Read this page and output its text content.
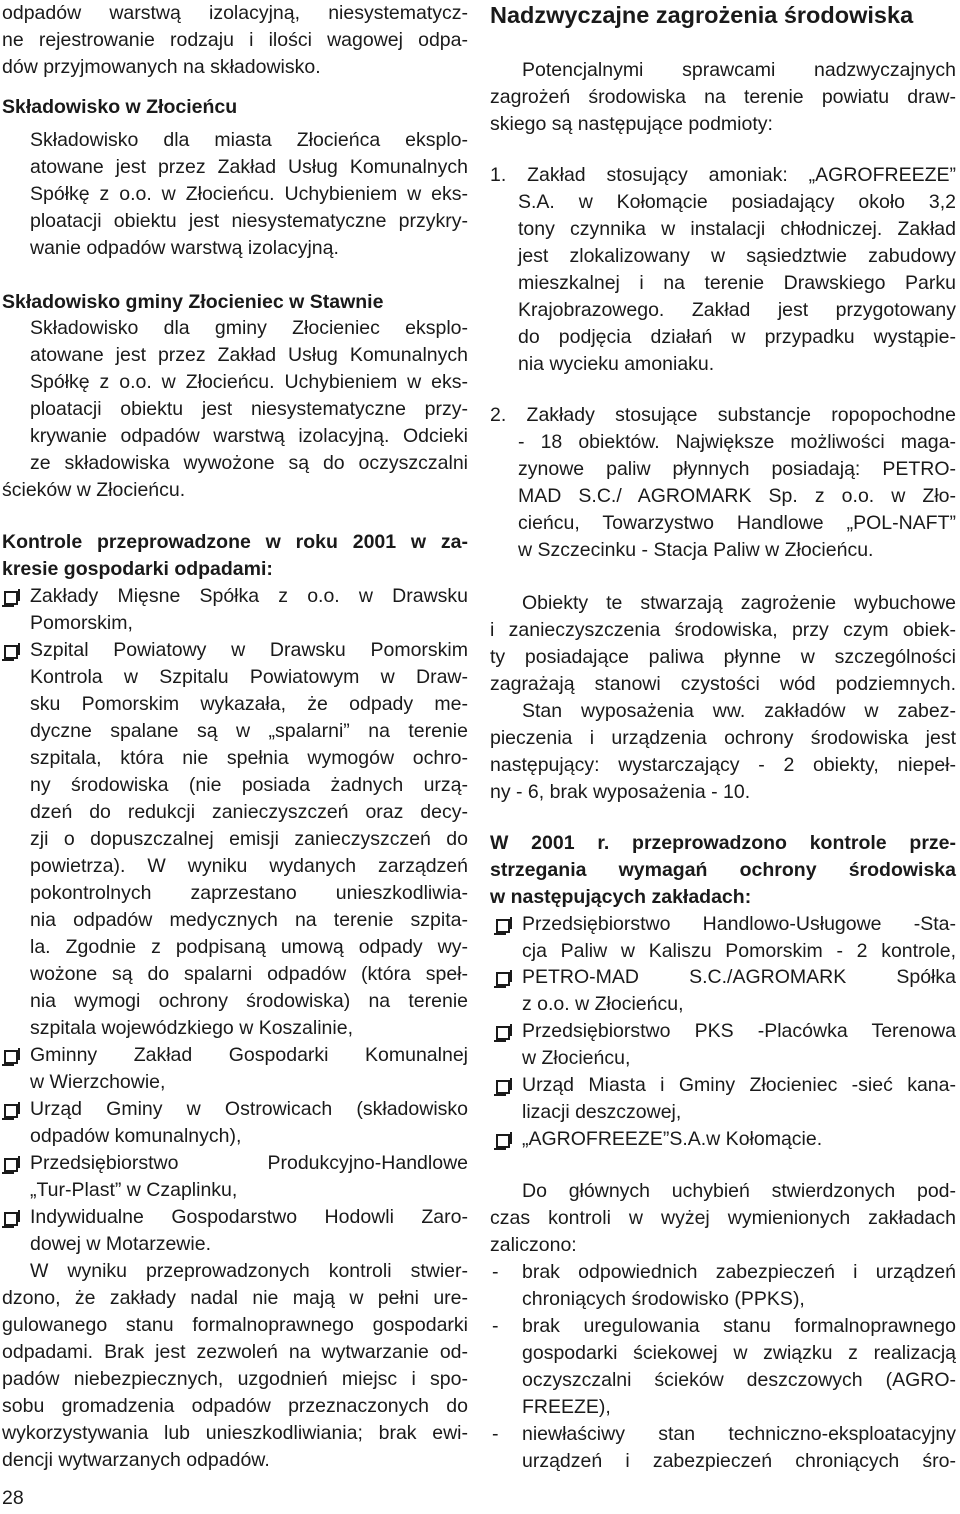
odpadów warstwą izolacyjną, niesystematycz-
ne rejestrowanie rodzaju i ilości wagowej odpa-
dów przyjmowanych na składowisko.
Składowisko w Złocieńcu
Składowisko dla miasta Złocieńca eksplo-
atowane jest przez Zakład Usług Komunalnych
Spółkę z o.o. w Złocieńcu. Uchybieniem w eks-
ploatacji obiektu jest niesystematyczne przykry-
wanie odpadów warstwą izolacyjną.
Składowisko gminy Złocieniec w Stawnie
Składowisko dla gminy Złocieniec eksplo-
atowane jest przez Zakład Usług Komunalnych
Spółkę z o.o. w Złocieńcu. Uchybieniem w eks-
ploatacji obiektu jest niesystematyczne przy-
krywanie odpadów warstwą izolacyjną. Odcieki
ze składowiska wywożone są do oczyszczalni
ścieków w Złocieńcu.
Kontrole przeprowadzone w roku 2001 w za-
kresie gospodarki odpadami:
Zakłady Mięsne Spółka z o.o. w Drawsku
Pomorskim,
Szpital Powiatowy w Drawsku Pomorskim
Kontrola w Szpitalu Powiatowym w Draw-
sku Pomorskim wykazała, że odpady me-
dyczne spalane są w „spalarni” na terenie
szpitala, która nie spełnia wymogów ochro-
ny środowiska (nie posiada żadnych urzą-
dzeń do redukcji zanieczyszczeń oraz decy-
zji o dopuszczalnej emisji zanieczyszczeń do
powietrza). W wyniku wydanych zarządzeń
pokontrolnych zaprzestano unieszkodliwia-
nia odpadów medycznych na terenie szpita-
la. Zgodnie z podpisaną umową odpady wy-
wożone są do spalarni odpadów (która speł-
nia wymogi ochrony środowiska) na terenie
szpitala wojewódzkiego w Koszalinie,
Gminny Zakład Gospodarki Komunalnej
w Wierzchowie,
Urząd Gminy w Ostrowicach (składowisko
odpadów komunalnych),
Przedsiębiorstwo Produkcyjno-Handlowe
„Tur-Plast” w Czaplinku,
Indywidualne Gospodarstwo Hodowli Zaro-
dowej w Motarzewie.
W wyniku przeprowadzonych kontroli stwier-
dzono, że zakłady nadal nie mają w pełni ure-
gulowanego stanu formalnoprawnego gospodarki
odpadami. Brak jest zezwoleń na wytwarzanie od-
padów niebezpiecznych, uzgodnień miejsc i spo-
sobu gromadzenia odpadów przeznaczonych do
wykorzystywania lub unieszkodliwiania; brak ewi-
dencji wytwarzanych odpadów.
Nadzwyczajne zagrożenia środowiska
Potencjalnymi sprawcami nadzwyczajnych
zagrożeń środowiska na terenie powiatu draw-
skiego są następujące podmioty:
1. Zakład stosujący amoniak: „AGROFREEZE”
S.A. w Kołomącie posiadający około 3,2
tony czynnika w instalacji chłodniczej. Zakład
jest zlokalizowany w sąsiedztwie zabudowy
mieszkalnej i na terenie Drawskiego Parku
Krajobrazowego. Zakład jest przygotowany
do podjęcia działań w przypadku wystąpie-
nia wycieku amoniaku.
2. Zakłady stosujące substancje ropopochodne
- 18 obiektów. Największe możliwości maga-
zynowe paliw płynnych posiadają: PETRO-
MAD S.C./ AGROMARK Sp. z o.o. w Zło-
cieńcu, Towarzystwo Handlowe „POL-NAFT”
w Szczecinku - Stacja Paliw w Złocieńcu.
Obiekty te stwarzają zagrożenie wybuchowe
i zanieczyszczenia środowiska, przy czym obiek-
ty posiadające paliwa płynne w szczególności
zagrażają stanowi czystości wód podziemnych.
Stan wyposażenia ww. zakładów w zabez-
pieczenia i urządzenia ochrony środowiska jest
następujący: wystarczający - 2 obiekty, niepeł-
ny - 6, brak wyposażenia - 10.
W 2001 r. przeprowadzono kontrole prze-
strzegania wymagań ochrony środowiska
w następujących zakładach:
Przedsiębiorstwo Handlowo-Usługowe -Sta-
cja Paliw w Kaliszu Pomorskim - 2 kontrole,
PETRO-MAD S.C./AGROMARK Spółka
z o.o. w Złocieńcu,
Przedsiębiorstwo PKS -Placówka Terenowa
w Złocieńcu,
Urząd Miasta i Gminy Złocieniec -sieć kana-
lizacji deszczowej,
„AGROFREEZE”S.A.w Kołomącie.
Do głównych uchybień stwierdzonych pod-
czas kontroli w wyżej wymienionych zakładach
zaliczono:
brak odpowiednich zabezpieczeń i urządzeń
-
chroniących środowisko (PPKS),
brak uregulowania stanu formalnoprawnego
-
gospodarki ściekowej w związku z realizacją
oczyszczalni ścieków deszczowych (AGRO-
FREEZE),
niewłaściwy stan techniczno-eksploatacyjny
-
urządzeń i zabezpieczeń chroniących śro-
28
